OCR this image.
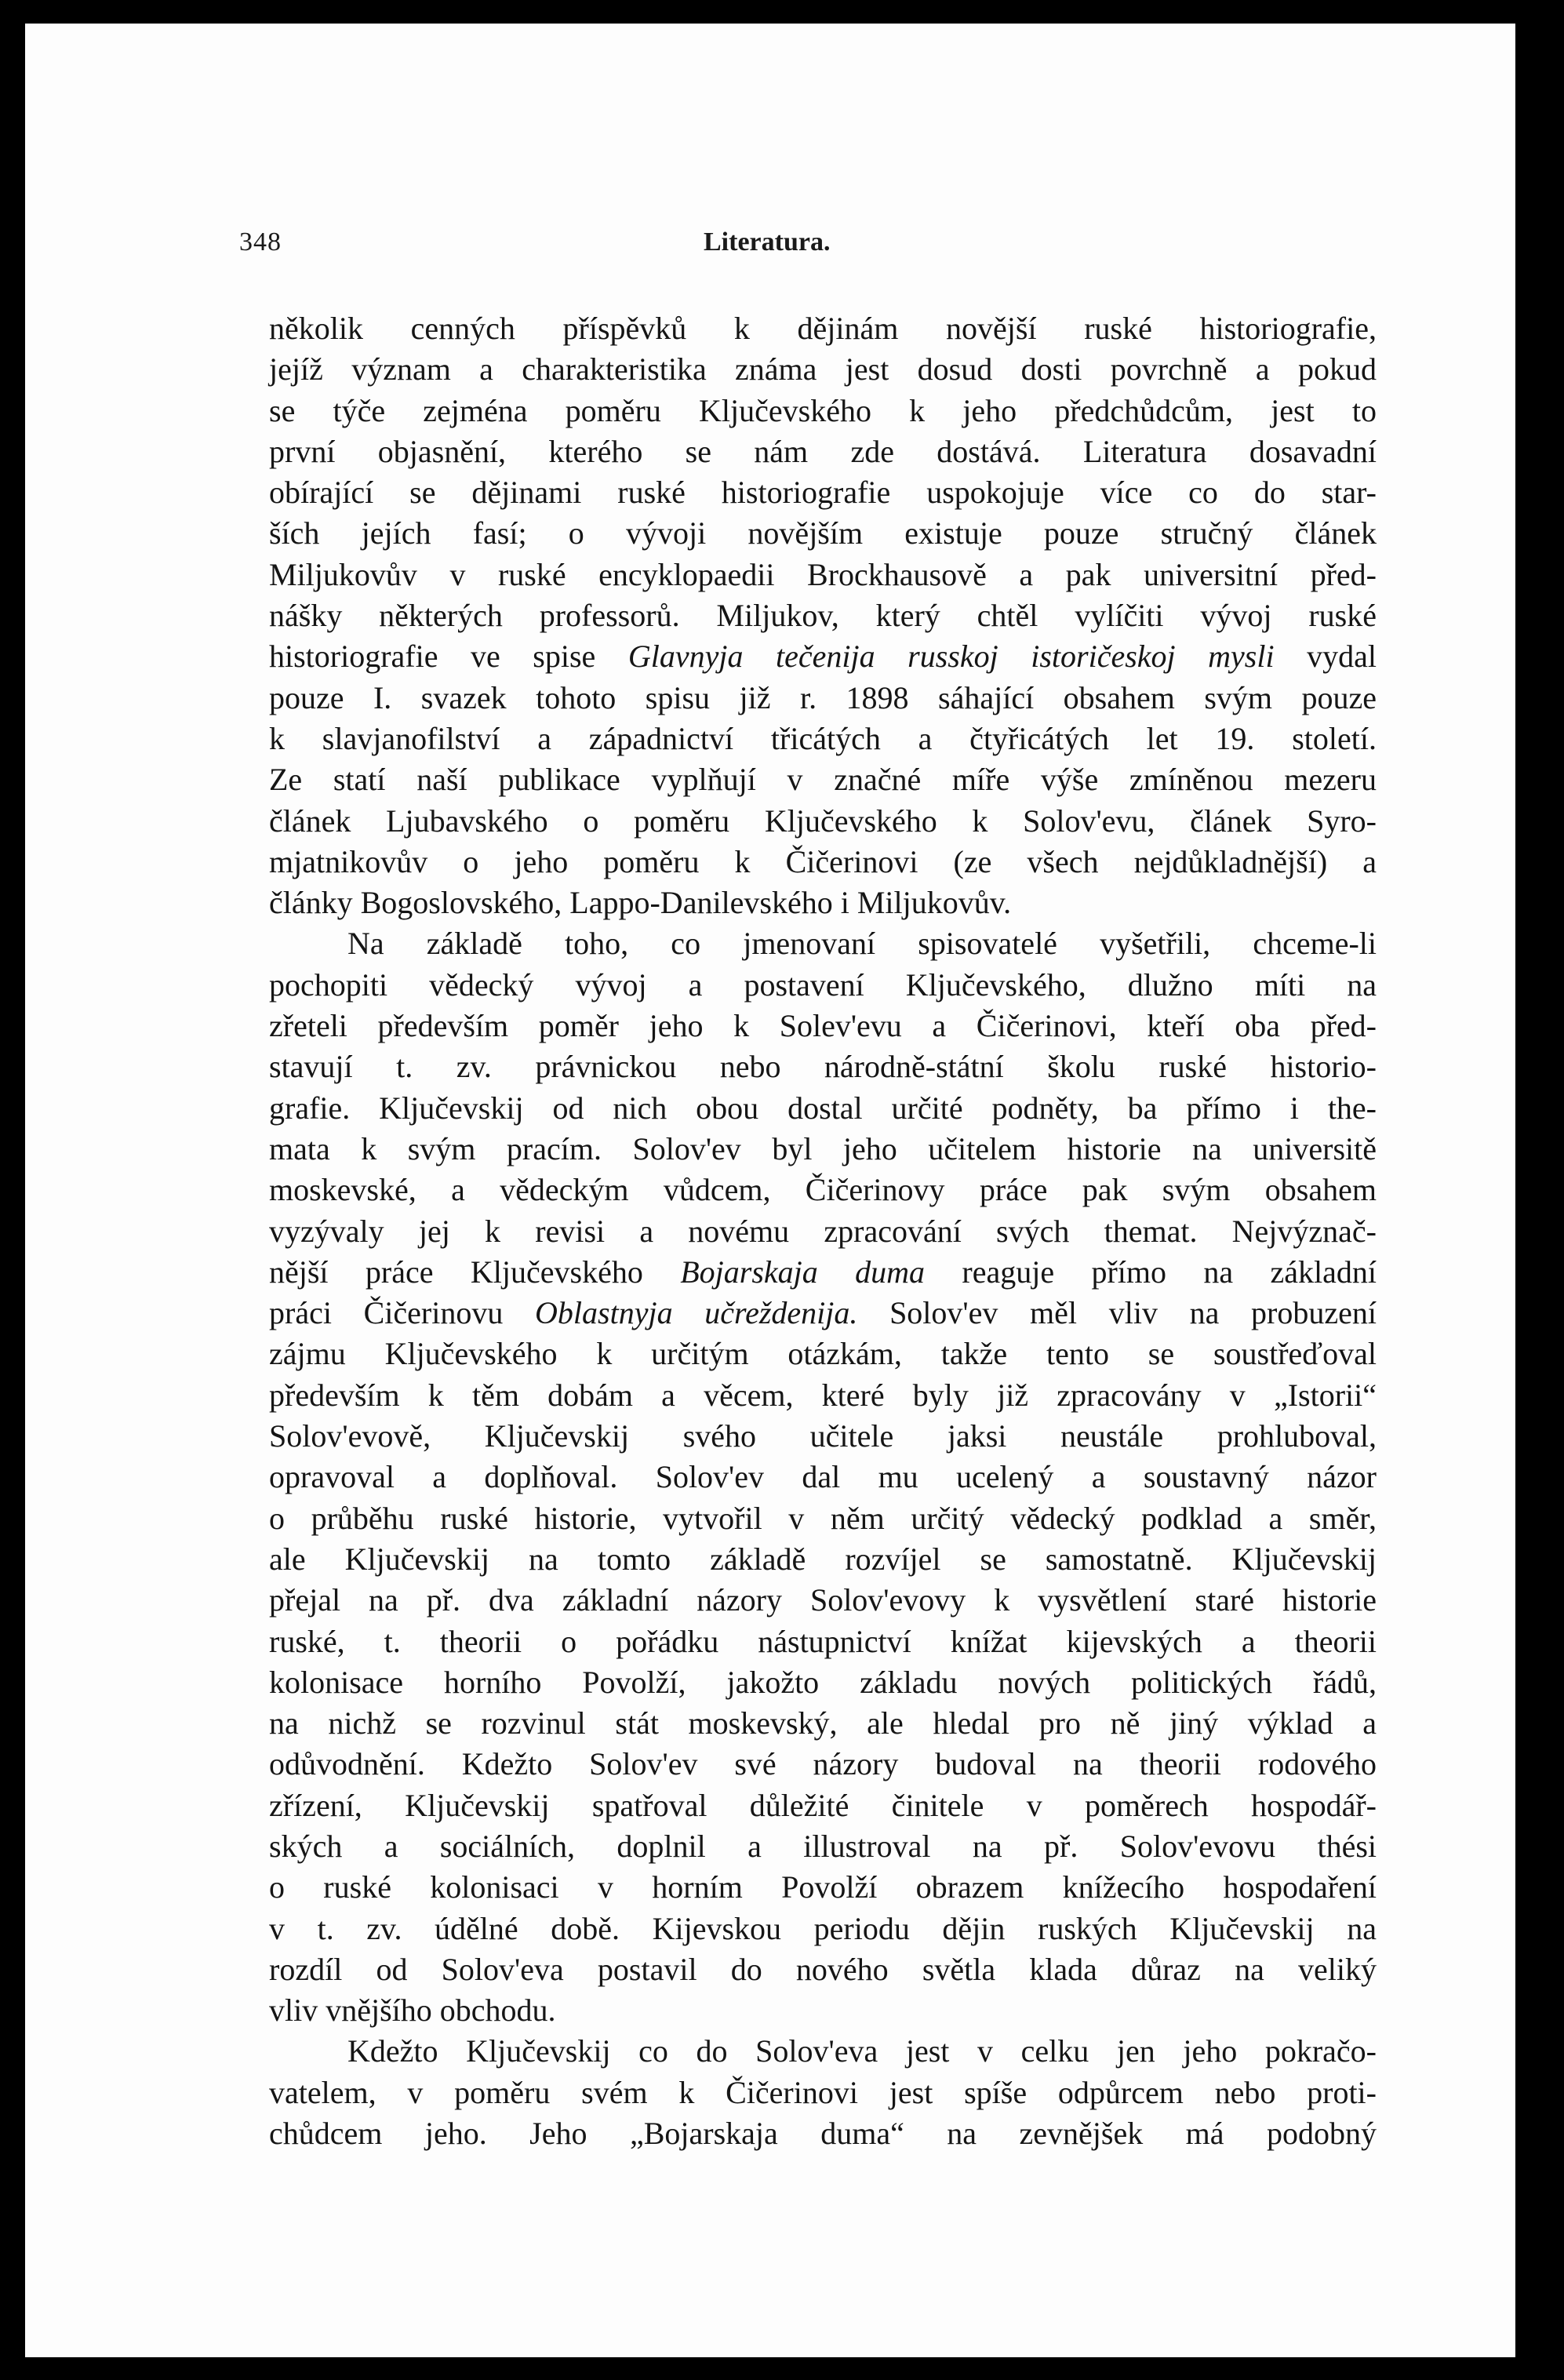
348	Literatura.
několik cenných příspěvků k dějinám novější ruské historiografie,
jejíž význam a charakteristika známa jest dosud dosti povrchně a pokud
se týče zejména poměru Ključevského k jeho předchůdcům, jest to
první objasnění, kterého se nám zde dostává. Literatura dosavadní
obírající se dějinami ruské historiografie uspokojuje více co do star-
ších jejích fasí; o vývoji novějším existuje pouze stručný článek
Miljukovův v ruské encyklopaedii Brockhausově a pak universitní před-
nášky některých professorů. Miljukov, který chtěl vylíčiti vývoj ruské
historiografie ve spise Glavnyja tečenija russkoj istoričeskoj mysli vydal
pouze I. svazek tohoto spisu již r. 1898 sáhající obsahem svým pouze
k slavjanofilství a západnictví třicátých a čtyřicátých let 19. století.
Ze statí naší publikace vyplňují v značné míře výše zmíněnou mezeru
článek Ljubavského o poměru Ključevského k Solov'evu, článek Syro-
mjatnikovův o jeho poměru k Čičerinovi (ze všech nejdůkladnější) a
články Bogoslovského, Lappo-Danilevského i Miljukovův.
Na základě toho, co jmenovaní spisovatelé vyšetřili, chceme-li
pochopiti vědecký vývoj a postavení Ključevského, dlužno míti na
zřeteli především poměr jeho k Solev'evu a Čičerinovi, kteří oba před-
stavují t. zv. právnickou nebo národně-státní školu ruské historio-
grafie. Ključevskij od nich obou dostal určité podněty, ba přímo i the-
mata k svým pracím. Solov'ev byl jeho učitelem historie na universitě
moskevské, a vědeckým vůdcem, Čičerinovy práce pak svým obsahem
vyzývaly jej k revisi a novému zpracování svých themat. Nejvýznač-
nější práce Ključevského Bojarskaja duma reaguje přímo na základní
práci Čičerinovu Oblastnyja učreždenija. Solov'ev měl vliv na probuzení
zájmu Ključevského k určitým otázkám, takže tento se soustřeďoval
především k těm dobám a věcem, které byly již zpracovány v „Istorii“
Solov'evově, Ključevskij svého učitele jaksi neustále prohluboval,
opravoval a doplňoval. Solov'ev dal mu ucelený a soustavný názor
o průběhu ruské historie, vytvořil v něm určitý vědecký podklad a směr,
ale Ključevskij na tomto základě rozvíjel se samostatně. Ključevskij
přejal na př. dva základní názory Solov'evovy k vysvětlení staré historie
ruské, t. theorii o pořádku nástupnictví knížat kijevských a theorii
kolonisace horního Povolží, jakožto základu nových politických řádů,
na nichž se rozvinul stát moskevský, ale hledal pro ně jiný výklad a
odůvodnění. Kdežto Solov'ev své názory budoval na theorii rodového
zřízení, Ključevskij spatřoval důležité činitele v poměrech hospodář-
ských a sociálních, doplnil a illustroval na př. Solov'evovu thési
o ruské kolonisaci v horním Povolží obrazem knížecího hospodaření
v t. zv. údělné době. Kijevskou periodu dějin ruských Ključevskij na
rozdíl od Solov'eva postavil do nového světla klada důraz na veliký
vliv vnějšího obchodu.
Kdežto Ključevskij co do Solov'eva jest v celku jen jeho pokračo-
vatelem, v poměru svém k Čičerinovi jest spíše odpůrcem nebo proti-
chůdcem jeho. Jeho „Bojarskaja duma“ na zevnějšek má podobný
